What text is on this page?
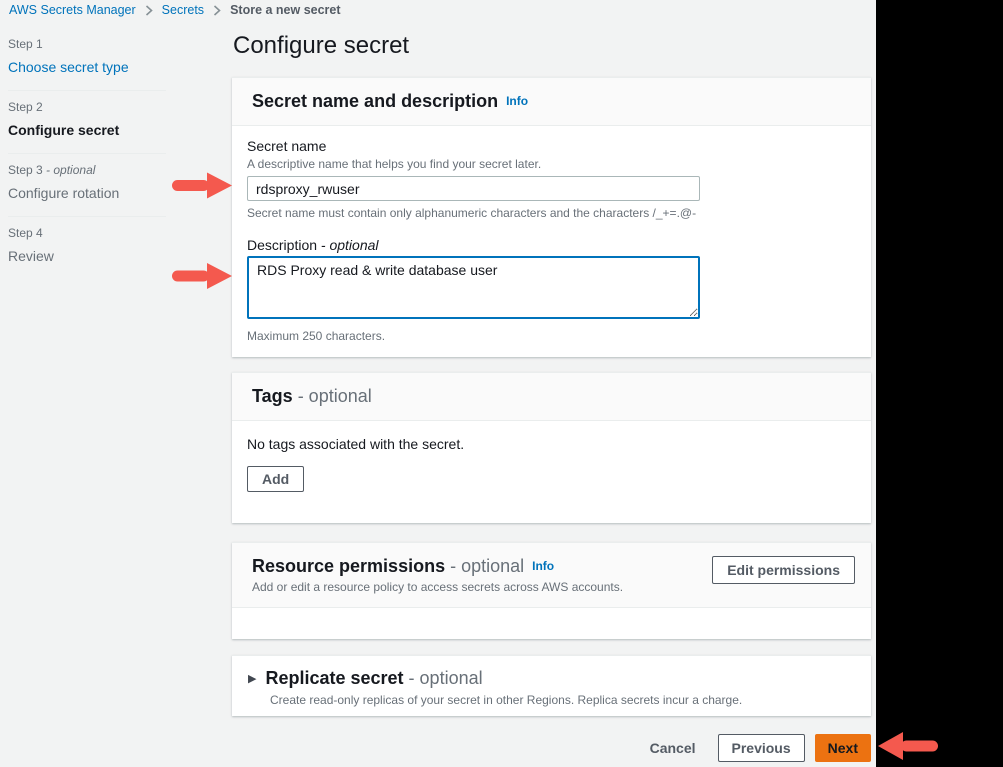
AWS Secrets Manager Secrets Store a new secret
Step 1
Choose secret type
Step 2
Configure secret
Step 3 - optional
Configure rotation
Step 4
Review
Configure secret
Secret name and description Info
Secret name
A descriptive name that helps you find your secret later.
rdsproxy_rwuser
Secret name must contain only alphanumeric characters and the characters /_+=.@-
Description - optional
RDS Proxy read & write database user
Maximum 250 characters.
Tags - optional
No tags associated with the secret.
Add
Resource permissions - optional Info
Add or edit a resource policy to access secrets across AWS accounts.
Edit permissions
▶ Replicate secret - optional
Create read-only replicas of your secret in other Regions. Replica secrets incur a charge.
Cancel	Previous	Next
